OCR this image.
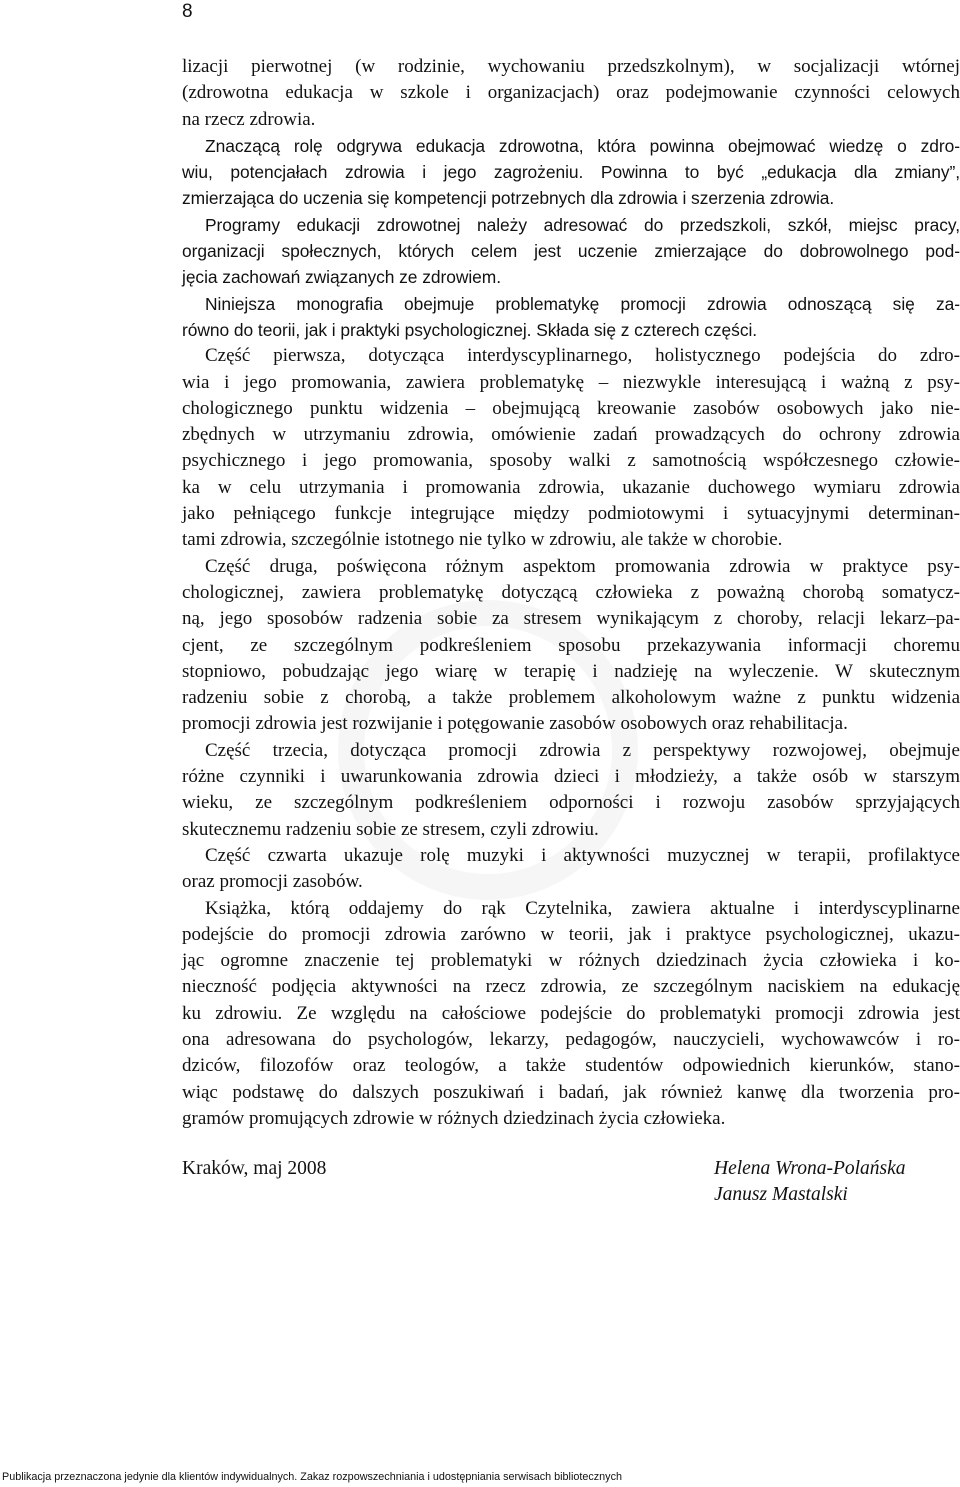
8
lizacji pierwotnej (w rodzinie, wychowaniu przedszkolnym), w socjalizacji wtórnej
(zdrowotna edukacja w szkole i organizacjach) oraz podejmowanie czynności celowych
na rzecz zdrowia.
Znaczącą rolę odgrywa edukacja zdrowotna, która powinna obejmować wiedzę o zdro-
wiu, potencjałach zdrowia i jego zagrożeniu. Powinna to być „edukacja dla zmiany”,
zmierzająca do uczenia się kompetencji potrzebnych dla zdrowia i szerzenia zdrowia.
Programy edukacji zdrowotnej należy adresować do przedszkoli, szkół, miejsc pracy,
organizacji społecznych, których celem jest uczenie zmierzające do dobrowolnego pod-
jęcia zachowań związanych ze zdrowiem.
Niniejsza monografia obejmuje problematykę promocji zdrowia odnoszącą się za-
równo do teorii, jak i praktyki psychologicznej. Składa się z czterech części.
Część pierwsza, dotycząca interdyscyplinarnego, holistycznego podejścia do zdro-
wia i jego promowania, zawiera problematykę – niezwykle interesującą i ważną z psy-
chologicznego punktu widzenia – obejmującą kreowanie zasobów osobowych jako nie-
zbędnych w utrzymaniu zdrowia, omówienie zadań prowadzących do ochrony zdrowia
psychicznego i jego promowania, sposoby walki z samotnością współczesnego człowie-
ka w celu utrzymania i promowania zdrowia, ukazanie duchowego wymiaru zdrowia
jako pełniącego funkcje integrujące między podmiotowymi i sytuacyjnymi determinan-
tami zdrowia, szczególnie istotnego nie tylko w zdrowiu, ale także w chorobie.
Część druga, poświęcona różnym aspektom promowania zdrowia w praktyce psy-
chologicznej, zawiera problematykę dotyczącą człowieka z poważną chorobą somatycz-
ną, jego sposobów radzenia sobie za stresem wynikającym z choroby, relacji lekarz–pa-
cjent, ze szczególnym podkreśleniem sposobu przekazywania informacji choremu
stopniowo, pobudzając jego wiarę w terapię i nadzieję na wyleczenie. W skutecznym
radzeniu sobie z chorobą, a także problemem alkoholowym ważne z punktu widzenia
promocji zdrowia jest rozwijanie i potęgowanie zasobów osobowych oraz rehabilitacja.
Część trzecia, dotycząca promocji zdrowia z perspektywy rozwojowej, obejmuje
różne czynniki i uwarunkowania zdrowia dzieci i młodzieży, a także osób w starszym
wieku, ze szczególnym podkreśleniem odporności i rozwoju zasobów sprzyjających
skutecznemu radzeniu sobie ze stresem, czyli zdrowiu.
Część czwarta ukazuje rolę muzyki i aktywności muzycznej w terapii, profilaktyce
oraz promocji zasobów.
Książka, którą oddajemy do rąk Czytelnika, zawiera aktualne i interdyscyplinarne
podejście do promocji zdrowia zarówno w teorii, jak i praktyce psychologicznej, ukazu-
jąc ogromne znaczenie tej problematyki w różnych dziedzinach życia człowieka i ko-
nieczność podjęcia aktywności na rzecz zdrowia, ze szczególnym naciskiem na edukację
ku zdrowiu. Ze względu na całościowe podejście do problematyki promocji zdrowia jest
ona adresowana do psychologów, lekarzy, pedagogów, nauczycieli, wychowawców i ro-
dziców, filozofów oraz teologów, a także studentów odpowiednich kierunków, stano-
wiąc podstawę do dalszych poszukiwań i badań, jak również kanwę dla tworzenia pro-
gramów promujących zdrowie w różnych dziedzinach życia człowieka.
Kraków, maj 2008	Helena Wrona-Polańska
Janusz Mastalski
Publikacja przeznaczona jedynie dla klientów indywidualnych. Zakaz rozpowszechniania i udostępniania serwisach bibliotecznych
